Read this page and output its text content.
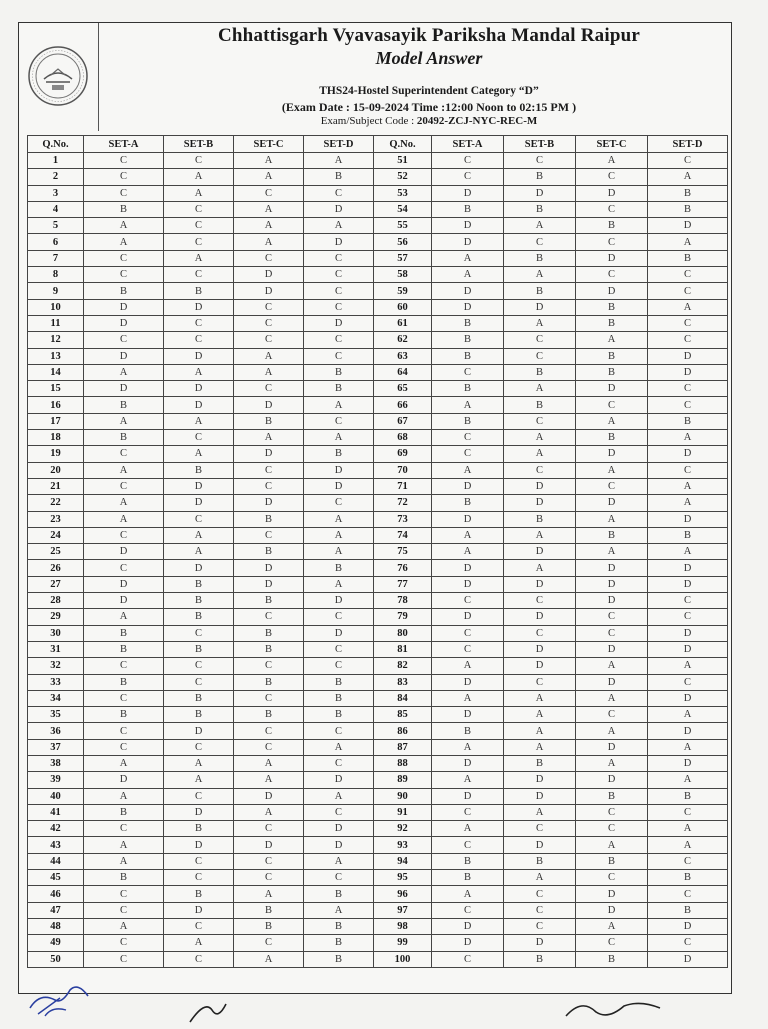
Chhattisgarh Vyavasayik Pariksha Mandal Raipur
Model Answer
THS24-Hostel Superintendent Category “D”
(Exam Date : 15-09-2024 Time :12:00 Noon to 02:15 PM )
Exam/Subject Code : 20492-ZCJ-NYC-REC-M
Q.No.	SET-A	SET-B	SET-C	SET-D	Q.No.	SET-A	SET-B	SET-C	SET-D
1	C	C	A	A	51	C	C	A	C
2	C	A	A	B	52	C	B	C	A
3	C	A	C	C	53	D	D	D	B
4	B	C	A	D	54	B	B	C	B
5	A	C	A	A	55	D	A	B	D
6	A	C	A	D	56	D	C	C	A
7	C	A	C	C	57	A	B	D	B
8	C	C	D	C	58	A	A	C	C
9	B	B	D	C	59	D	B	D	C
10	D	D	C	C	60	D	D	B	A
11	D	C	C	D	61	B	A	B	C
12	C	C	C	C	62	B	C	A	C
13	D	D	A	C	63	B	C	B	D
14	A	A	A	B	64	C	B	B	D
15	D	D	C	B	65	B	A	D	C
16	B	D	D	A	66	A	B	C	C
17	A	A	B	C	67	B	C	A	B
18	B	C	A	A	68	C	A	B	A
19	C	A	D	B	69	C	A	D	D
20	A	B	C	D	70	A	C	A	C
21	C	D	C	D	71	D	D	C	A
22	A	D	D	C	72	B	D	D	A
23	A	C	B	A	73	D	B	A	D
24	C	A	C	A	74	A	A	B	B
25	D	A	B	A	75	A	D	A	A
26	C	D	D	B	76	D	A	D	D
27	D	B	D	A	77	D	D	D	D
28	D	B	B	D	78	C	C	D	C
29	A	B	C	C	79	D	D	C	C
30	B	C	B	D	80	C	C	C	D
31	B	B	B	C	81	C	D	D	D
32	C	C	C	C	82	A	D	A	A
33	B	C	B	B	83	D	C	D	C
34	C	B	C	B	84	A	A	A	D
35	B	B	B	B	85	D	A	C	A
36	C	D	C	C	86	B	A	A	D
37	C	C	C	A	87	A	A	D	A
38	A	A	A	C	88	D	B	A	D
39	D	A	A	D	89	A	D	D	A
40	A	C	D	A	90	D	D	B	B
41	B	D	A	C	91	C	A	C	C
42	C	B	C	D	92	A	C	C	A
43	A	D	D	D	93	C	D	A	A
44	A	C	C	A	94	B	B	B	C
45	B	C	C	C	95	B	A	C	B
46	C	B	A	B	96	A	C	D	C
47	C	D	B	A	97	C	C	D	B
48	A	C	B	B	98	D	C	A	D
49	C	A	C	B	99	D	D	C	C
50	C	C	A	B	100	C	B	B	D
